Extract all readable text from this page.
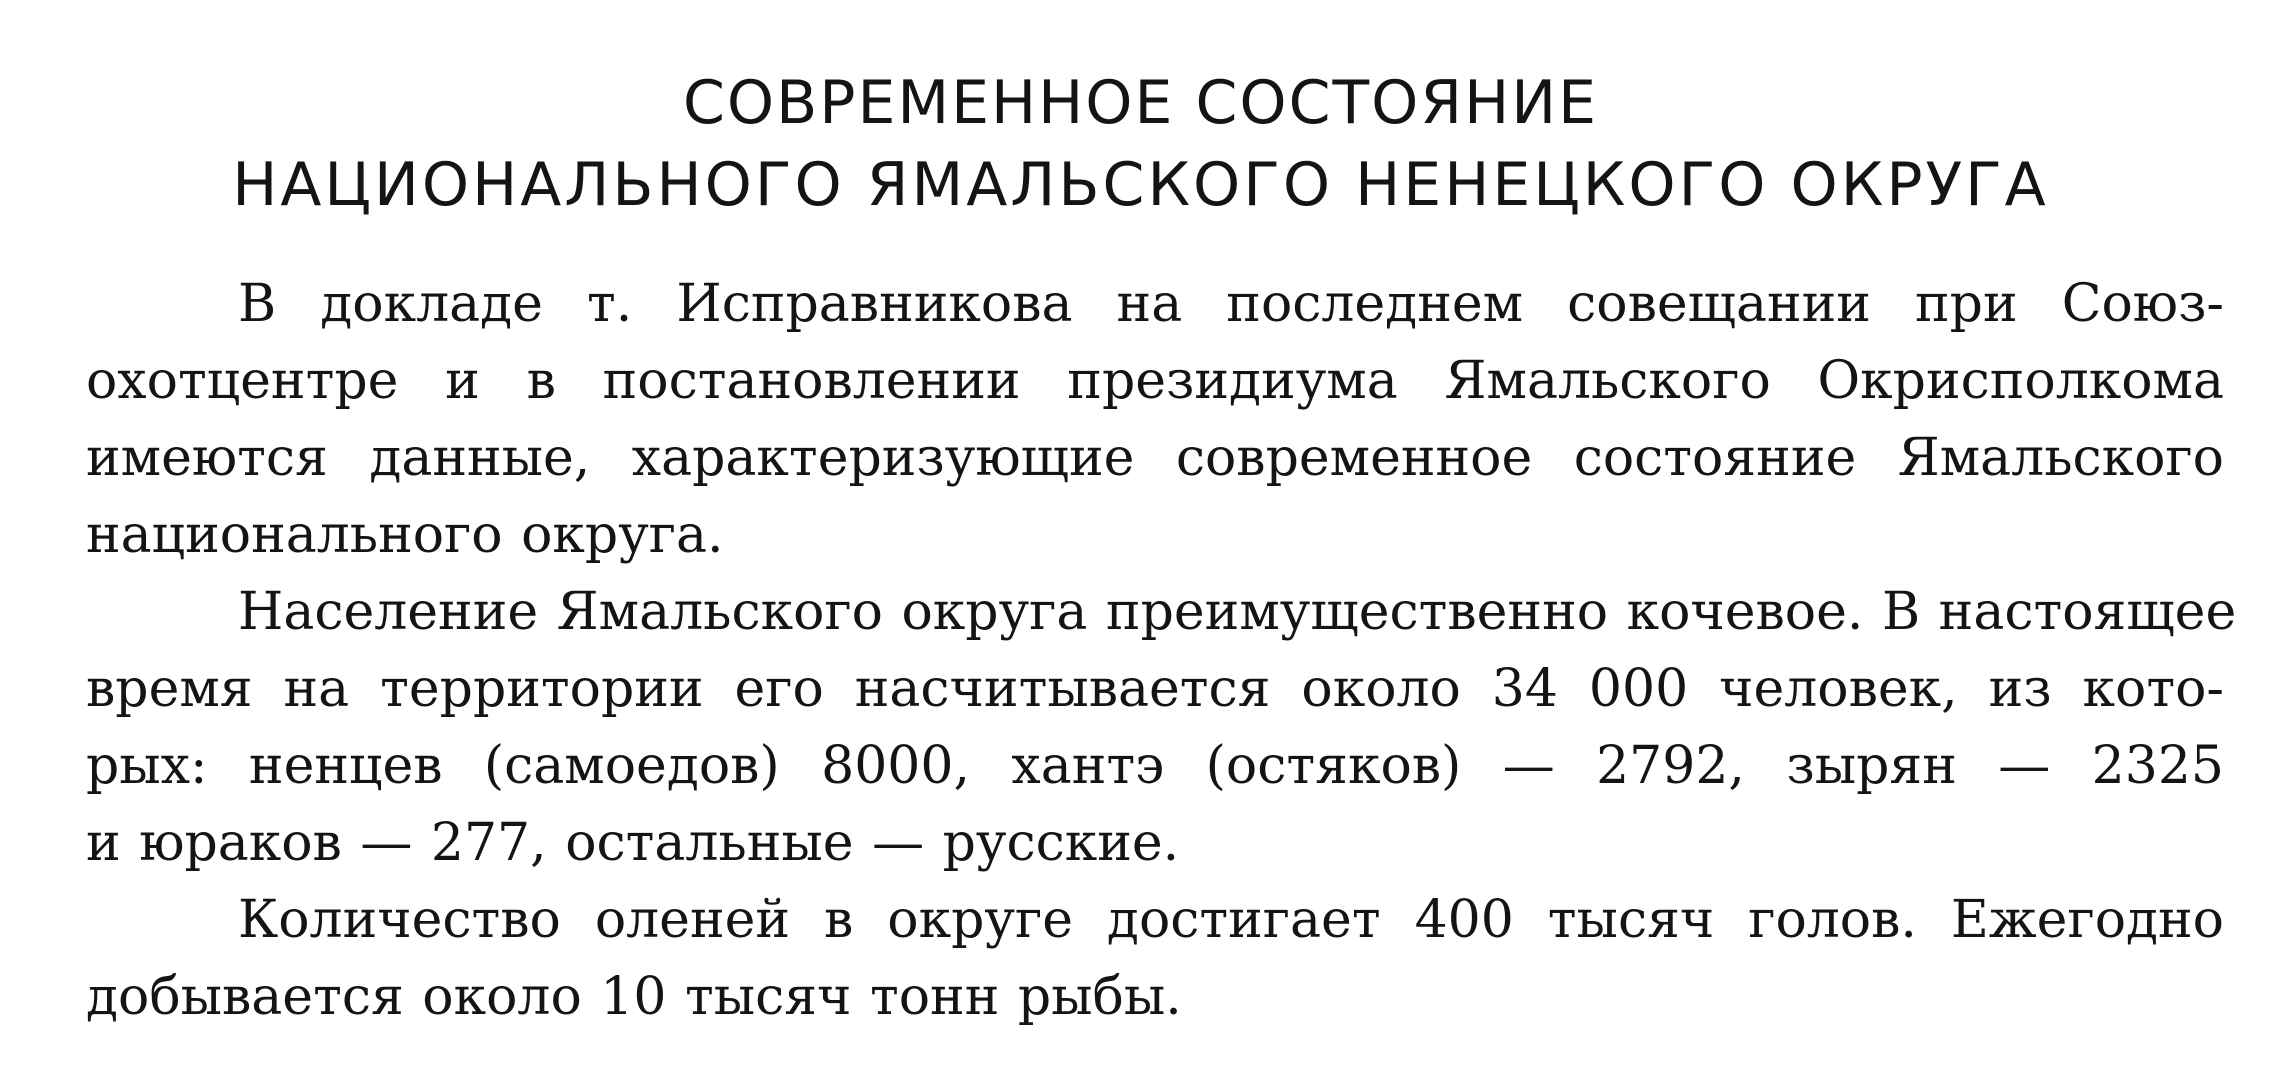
СОВРЕМЕННОЕ СОСТОЯНИЕ
НАЦИОНАЛЬНОГО ЯМАЛЬСКОГО НЕНЕЦКОГО ОКРУГА
В докладе т. Исправникова на последнем совещании при Союз-
охотцентре и в постановлении президиума Ямальского Окрисполкома
имеются данные, характеризующие современное состояние Ямальского
национального округа.
Население Ямальского округа преимущественно кочевое. В настоящее
время на территории его насчитывается около 34 000 человек, из кото-
рых: ненцев (самоедов) 8000, хантэ (остяков) — 2792, зырян — 2325
и юраков — 277, остальные — русские.
Количество оленей в округе достигает 400 тысяч голов. Ежегодно
добывается около 10 тысяч тонн рыбы.
